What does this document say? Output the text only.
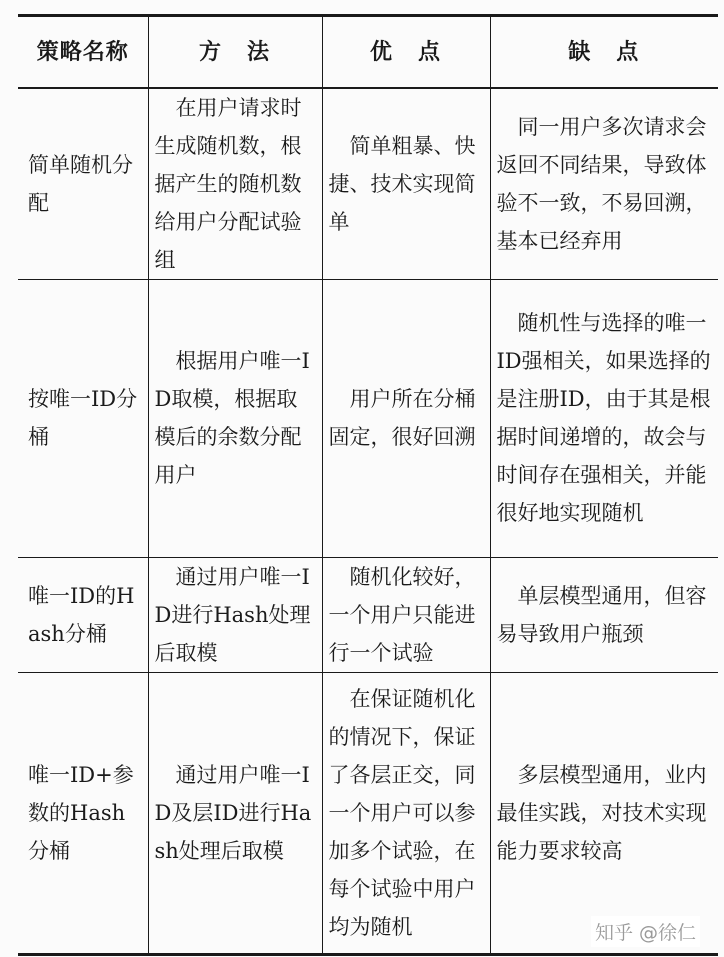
策略名称	方　法	优　点	缺　点

简单随机分配	在用户请求时生成随机数，根据产生的随机数给用户分配试验组	简单粗暴、快捷、技术实现简单	同一用户多次请求会返回不同结果，导致体验不一致，不易回溯，基本已经弃用

按唯一ID分桶	根据用户唯一ID取模，根据取模后的余数分配用户	用户所在分桶固定，很好回溯	随机性与选择的唯一ID强相关，如果选择的是注册ID，由于其是根据时间递增的，故会与时间存在强相关，并能很好地实现随机

唯一ID的Hash分桶	通过用户唯一ID进行Hash处理后取模	随机化较好，一个用户只能进行一个试验	单层模型通用，但容易导致用户瓶颈

唯一ID+参数的Hash分桶	通过用户唯一ID及层ID进行Hash处理后取模	在保证随机化的情况下，保证了各层正交，同一个用户可以参加多个试验，在每个试验中用户均为随机	多层模型通用，业内最佳实践，对技术实现能力要求较高
知乎 @徐仁
